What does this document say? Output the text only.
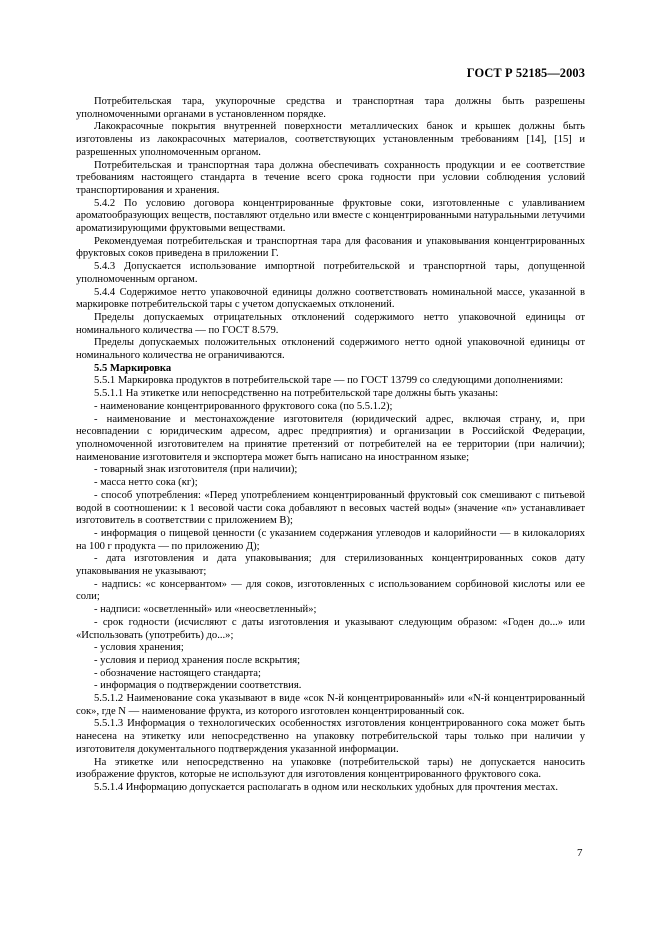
ГОСТ Р 52185—2003

Потребительская тара, укупорочные средства и транспортная тара должны быть разрешены уполномоченными органами в установленном порядке.

Лакокрасочные покрытия внутренней поверхности металлических банок и крышек должны быть изготовлены из лакокрасочных материалов, соответствующих установленным требованиям [14], [15] и разрешенных уполномоченным органом.

Потребительская и транспортная тара должна обеспечивать сохранность продукции и ее соответствие требованиям настоящего стандарта в течение всего срока годности при условии соблюдения условий транспортирования и хранения.

5.4.2 По условию договора концентрированные фруктовые соки, изготовленные с улавливанием ароматообразующих веществ, поставляют отдельно или вместе с концентрированными натуральными летучими ароматизирующими фруктовыми веществами.

Рекомендуемая потребительская и транспортная тара для фасования и упаковывания концентрированных фруктовых соков приведена в приложении Г.

5.4.3 Допускается использование импортной потребительской и транспортной тары, допущенной уполномоченным органом.

5.4.4 Содержимое нетто упаковочной единицы должно соответствовать номинальной массе, указанной в маркировке потребительской тары с учетом допускаемых отклонений.

Пределы допускаемых отрицательных отклонений содержимого нетто упаковочной единицы от номинального количества — по ГОСТ 8.579.

Пределы допускаемых положительных отклонений содержимого нетто одной упаковочной единицы от номинального количества не ограничиваются.

5.5 Маркировка

5.5.1 Маркировка продуктов в потребительской таре — по ГОСТ 13799 со следующими дополнениями:

5.5.1.1 На этикетке или непосредственно на потребительской таре должны быть указаны:

- наименование концентрированного фруктового сока (по 5.5.1.2);

- наименование и местонахождение изготовителя (юридический адрес, включая страну, и, при несовпадении с юридическим адресом, адрес предприятия) и организации в Российской Федерации, уполномоченной изготовителем на принятие претензий от потребителей на ее территории (при наличии); наименование изготовителя и экспортера может быть написано на иностранном языке;

- товарный знак изготовителя (при наличии);

- масса нетто сока (кг);

- способ употребления: «Перед употреблением концентрированный фруктовый сок смешивают с питьевой водой в соотношении: к 1 весовой части сока добавляют n весовых частей воды» (значение «n» устанавливает изготовитель в соответствии с приложением В);

- информация о пищевой ценности (с указанием содержания углеводов и калорийности — в килокалориях на 100 г продукта — по приложению Д);

- дата изготовления и дата упаковывания; для стерилизованных концентрированных соков дату упаковывания не указывают;

- надпись: «с консервантом» — для соков, изготовленных с использованием сорбиновой кислоты или ее соли;

- надписи: «осветленный» или «неосветленный»;

- срок годности (исчисляют с даты изготовления и указывают следующим образом: «Годен до...» или «Использовать (употребить) до...»;

- условия хранения;

- условия и период хранения после вскрытия;

- обозначение настоящего стандарта;

- информация о подтверждении соответствия.

5.5.1.2 Наименование сока указывают в виде «сок N-й концентрированный» или «N-й концентрированный сок», где N — наименование фрукта, из которого изготовлен концентрированный сок.

5.5.1.3 Информация о технологических особенностях изготовления концентрированного сока может быть нанесена на этикетку или непосредственно на упаковку потребительской тары только при наличии у изготовителя документального подтверждения указанной информации.

На этикетке или непосредственно на упаковке (потребительской тары) не допускается наносить изображение фруктов, которые не используют для изготовления концентрированного фруктового сока.

5.5.1.4 Информацию допускается располагать в одном или нескольких удобных для прочтения местах.

7
